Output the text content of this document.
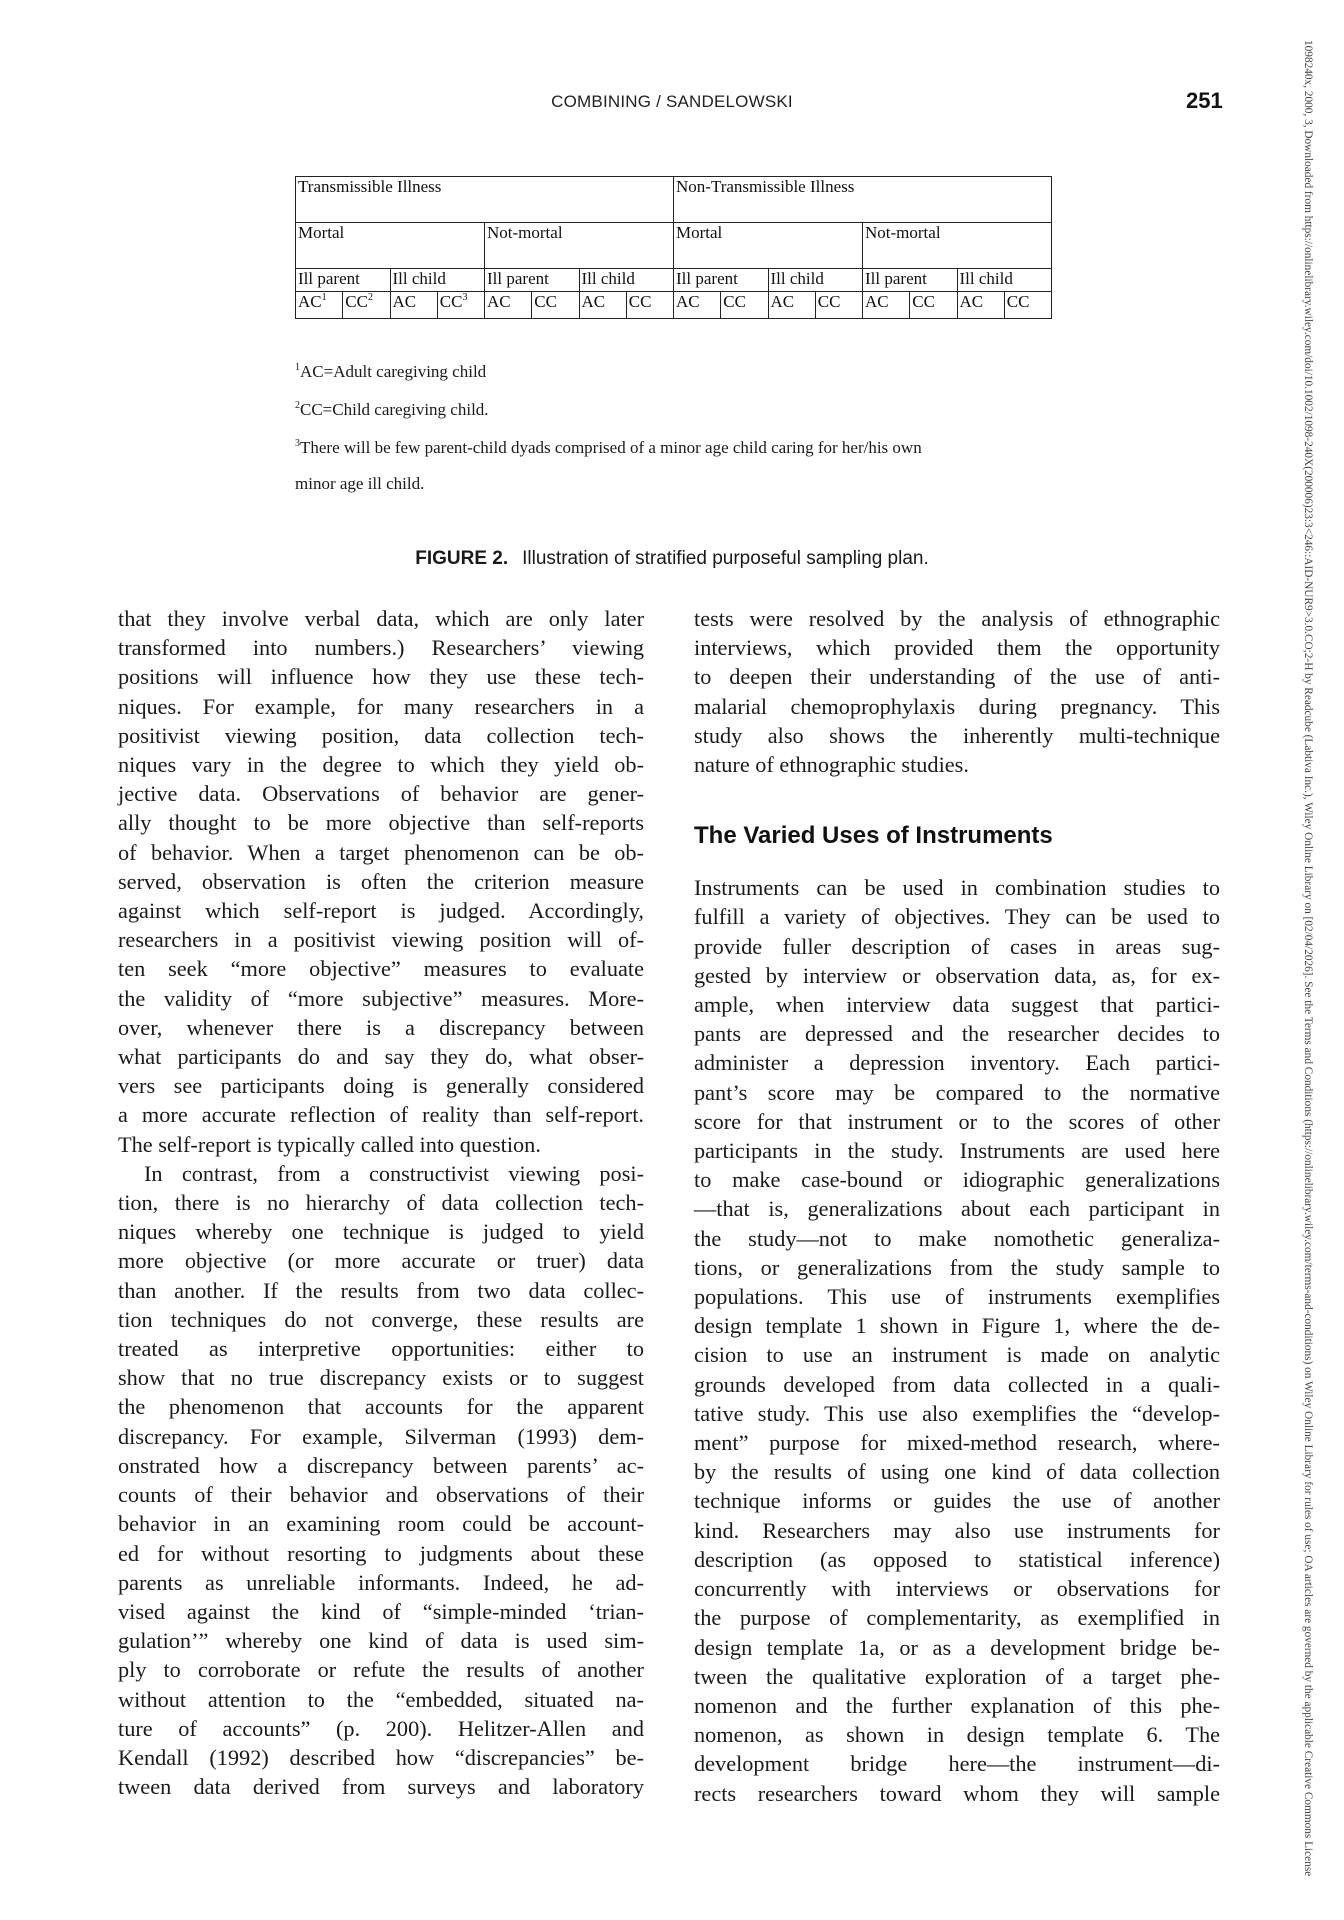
COMBINING / SANDELOWSKI	251
Transmissible Illness	Non-Transmissible Illness
Mortal	Not-mortal	Mortal	Not-mortal
Ill parent	Ill child	Ill parent	Ill child	Ill parent	Ill child	Ill parent	Ill child
$AC^1$	$CC^2$	AC	$CC^3$	AC	CC	AC	CC	AC	CC	AC	CC	AC	CC	AC	CC

$^1$AC=Adult caregiving child

$^2$CC=Child caregiving child.

$^3$There will be few parent-child dyads comprised of a minor age child caring for her/his own

minor age ill child.

FIGURE 2. Illustration of stratified purposeful sampling plan.

that they involve verbal data, which are only later
transformed into numbers.) Researchers’ viewing
positions will influence how they use these tech-
niques. For example, for many researchers in a
positivist viewing position, data collection tech-
niques vary in the degree to which they yield ob-
jective data. Observations of behavior are gener-
ally thought to be more objective than self-reports
of behavior. When a target phenomenon can be ob-
served, observation is often the criterion measure
against which self-report is judged. Accordingly,
researchers in a positivist viewing position will of-
ten seek “more objective” measures to evaluate
the validity of “more subjective” measures. More-
over, whenever there is a discrepancy between
what participants do and say they do, what obser-
vers see participants doing is generally considered
a more accurate reflection of reality than self-report.
The self-report is typically called into question.

In contrast, from a constructivist viewing posi-
tion, there is no hierarchy of data collection tech-
niques whereby one technique is judged to yield
more objective (or more accurate or truer) data
than another. If the results from two data collec-
tion techniques do not converge, these results are
treated as interpretive opportunities: either to
show that no true discrepancy exists or to suggest
the phenomenon that accounts for the apparent
discrepancy. For example, Silverman (1993) dem-
onstrated how a discrepancy between parents’ ac-
counts of their behavior and observations of their
behavior in an examining room could be account-
ed for without resorting to judgments about these
parents as unreliable informants. Indeed, he ad-
vised against the kind of “simple-minded ‘trian-
gulation’” whereby one kind of data is used sim-
ply to corroborate or refute the results of another
without attention to the “embedded, situated na-
ture of accounts” (p. 200). Helitzer-Allen and
Kendall (1992) described how “discrepancies” be-
tween data derived from surveys and laboratory

tests were resolved by the analysis of ethnographic
interviews, which provided them the opportunity
to deepen their understanding of the use of anti-
malarial chemoprophylaxis during pregnancy. This
study also shows the inherently multi-technique
nature of ethnographic studies.
The Varied Uses of Instruments
Instruments can be used in combination studies to
fulfill a variety of objectives. They can be used to
provide fuller description of cases in areas sug-
gested by interview or observation data, as, for ex-
ample, when interview data suggest that partici-
pants are depressed and the researcher decides to
administer a depression inventory. Each partici-
pant’s score may be compared to the normative
score for that instrument or to the scores of other
participants in the study. Instruments are used here
to make case-bound or idiographic generalizations
—that is, generalizations about each participant in
the study—not to make nomothetic generaliza-
tions, or generalizations from the study sample to
populations. This use of instruments exemplifies
design template 1 shown in Figure 1, where the de-
cision to use an instrument is made on analytic
grounds developed from data collected in a quali-
tative study. This use also exemplifies the “develop-
ment” purpose for mixed-method research, where-
by the results of using one kind of data collection
technique informs or guides the use of another
kind. Researchers may also use instruments for
description (as opposed to statistical inference)
concurrently with interviews or observations for
the purpose of complementarity, as exemplified in
design template 1a, or as a development bridge be-
tween the qualitative exploration of a target phe-
nomenon and the further explanation of this phe-
nomenon, as shown in design template 6. The
development bridge here—the instrument—di-
rects researchers toward whom they will sample	1098240x, 2000, 3, Downloaded from https://onlinelibrary.wiley.com/doi/10.1002/1098-240X(200006)23:3<246::AID-NUR9>3.0.CO;2-H by Readcube (Labtiva Inc.), Wiley Online Library on [02/04/2026]. See the Terms and Conditions (https://onlinelibrary.wiley.com/terms-and-conditions) on Wiley Online Library for rules of use; OA articles are governed by the applicable Creative Commons License
